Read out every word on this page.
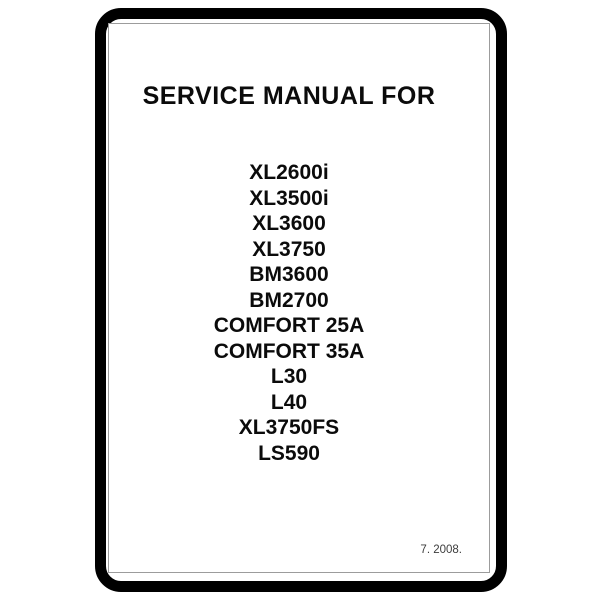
SERVICE MANUAL FOR
XL2600i
XL3500i
XL3600
XL3750
BM3600
BM2700
COMFORT 25A
COMFORT 35A
L30
L40
XL3750FS
LS590
7. 2008.
